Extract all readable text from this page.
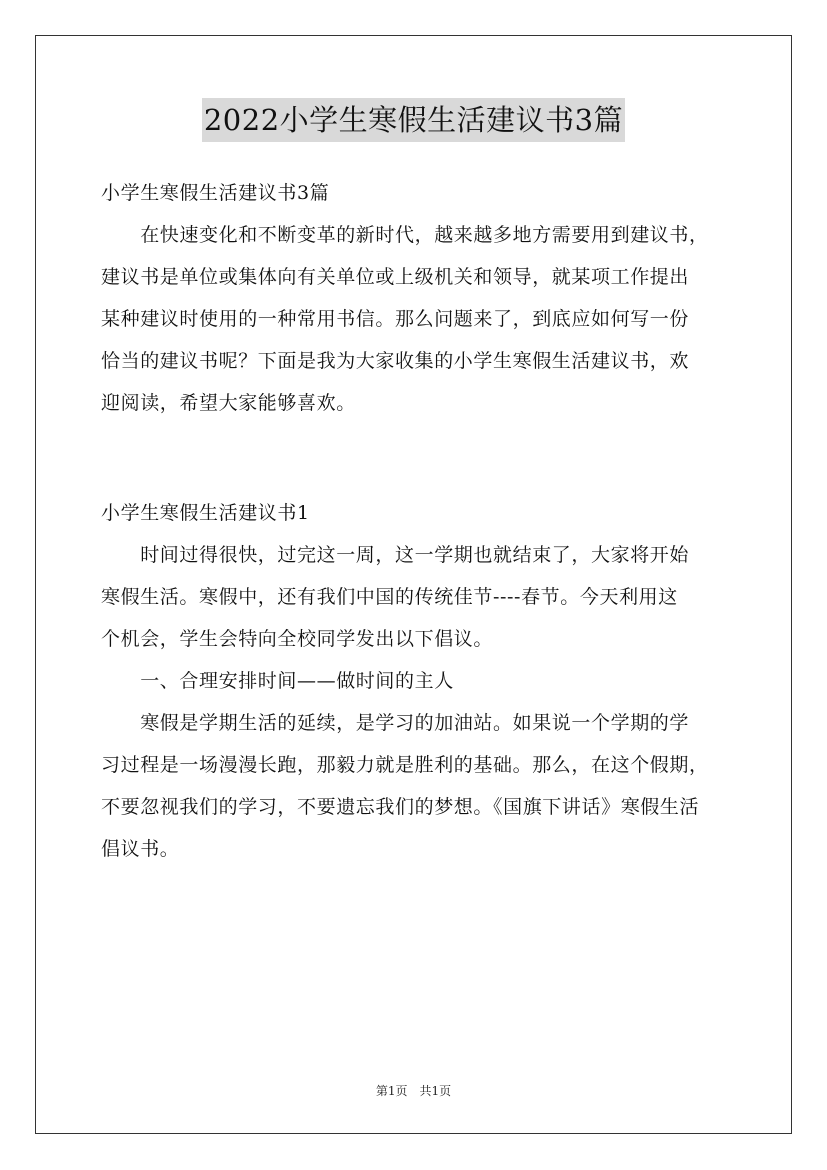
2022小学生寒假生活建议书3篇
小学生寒假生活建议书3篇
　　在快速变化和不断变革的新时代，越来越多地方需要用到建议书，
建议书是单位或集体向有关单位或上级机关和领导，就某项工作提出
某种建议时使用的一种常用书信。那么问题来了，到底应如何写一份
恰当的建议书呢？下面是我为大家收集的小学生寒假生活建议书，欢
迎阅读，希望大家能够喜欢。
小学生寒假生活建议书1
　　时间过得很快，过完这一周，这一学期也就结束了，大家将开始
寒假生活。寒假中，还有我们中国的传统佳节----春节。今天利用这
个机会，学生会特向全校同学发出以下倡议。
　　一、合理安排时间——做时间的主人
　　寒假是学期生活的延续，是学习的加油站。如果说一个学期的学
习过程是一场漫漫长跑，那毅力就是胜利的基础。那么，在这个假期，
不要忽视我们的学习，不要遗忘我们的梦想。《国旗下讲话》寒假生活
倡议书。
第1页　共1页
